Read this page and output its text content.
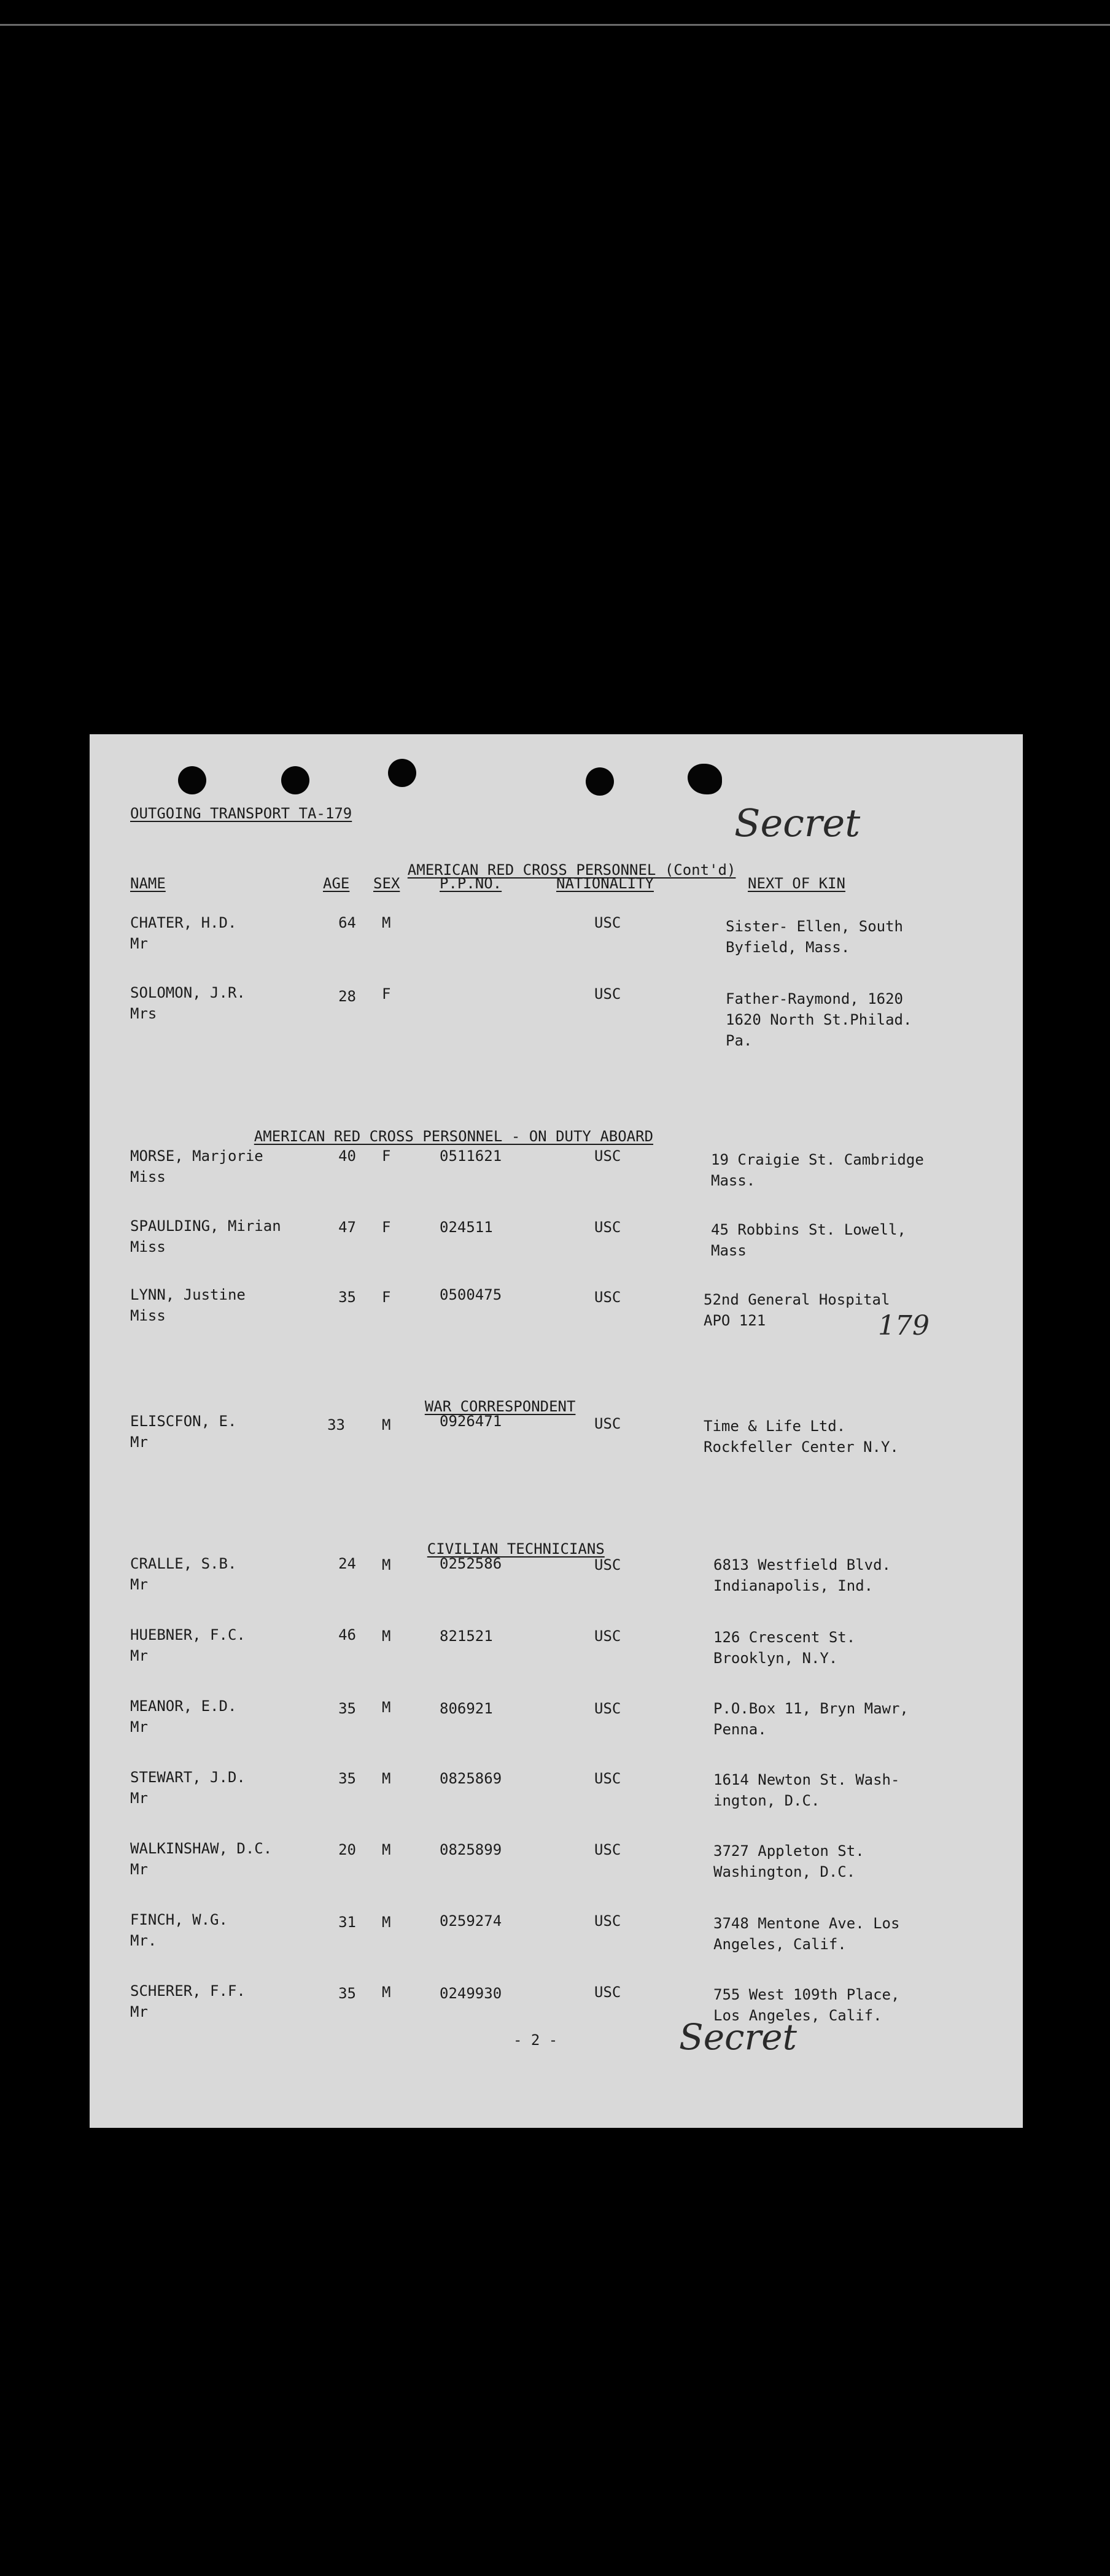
OUTGOING TRANSPORT TA-179	Secret

AMERICAN RED CROSS PERSONNEL (Cont'd)

NAME	AGE SEX	P.P.NO.	NATIONALITY	NEXT OF KIN
CHATER, H.D.
Mr
64 M	USC	Sister- Ellen, South
Byfield, Mass.
SOLOMON, J.R.
Mrs
28 F	USC	Father-Raymond, 1620
1620 North St.Philad.
Pa.

AMERICAN RED CROSS PERSONNEL - ON DUTY ABOARD

MORSE, Marjorie
Miss
40 F	0511621	USC	19 Craigie St. Cambridge
Mass.
SPAULDING, Mirian
Miss
47 F	024511	USC	45 Robbins St. Lowell,
Mass
LYNN, Justine
Miss
35 F	0500475	USC	52nd General Hospital
APO 121	179

WAR CORRESPONDENT

ELISCFON, E.
Mr
33	M	0926471	USC	Time & Life Ltd.
Rockfeller Center N.Y.

CIVILIAN TECHNICIANS

CRALLE, S.B.
Mr
24 M	0252586	USC	6813 Westfield Blvd.
Indianapolis, Ind.
HUEBNER, F.C.
Mr
46 M	821521	USC	126 Crescent St.
Brooklyn, N.Y.
MEANOR, E.D.
Mr
35 M	806921	USC	P.O.Box 11, Bryn Mawr,
Penna.
STEWART, J.D.
Mr
35 M	0825869	USC	1614 Newton St. Wash-
ington, D.C.
WALKINSHAW, D.C.
Mr
20 M	0825899	USC	3727 Appleton St.
Washington, D.C.
FINCH, W.G.
Mr.
31 M	0259274	USC	3748 Mentone Ave. Los
Angeles, Calif.
SCHERER, F.F.
Mr
35 M	0249930	USC	755 West 109th Place,
Los Angeles, Calif.
- 2 -	Secret
